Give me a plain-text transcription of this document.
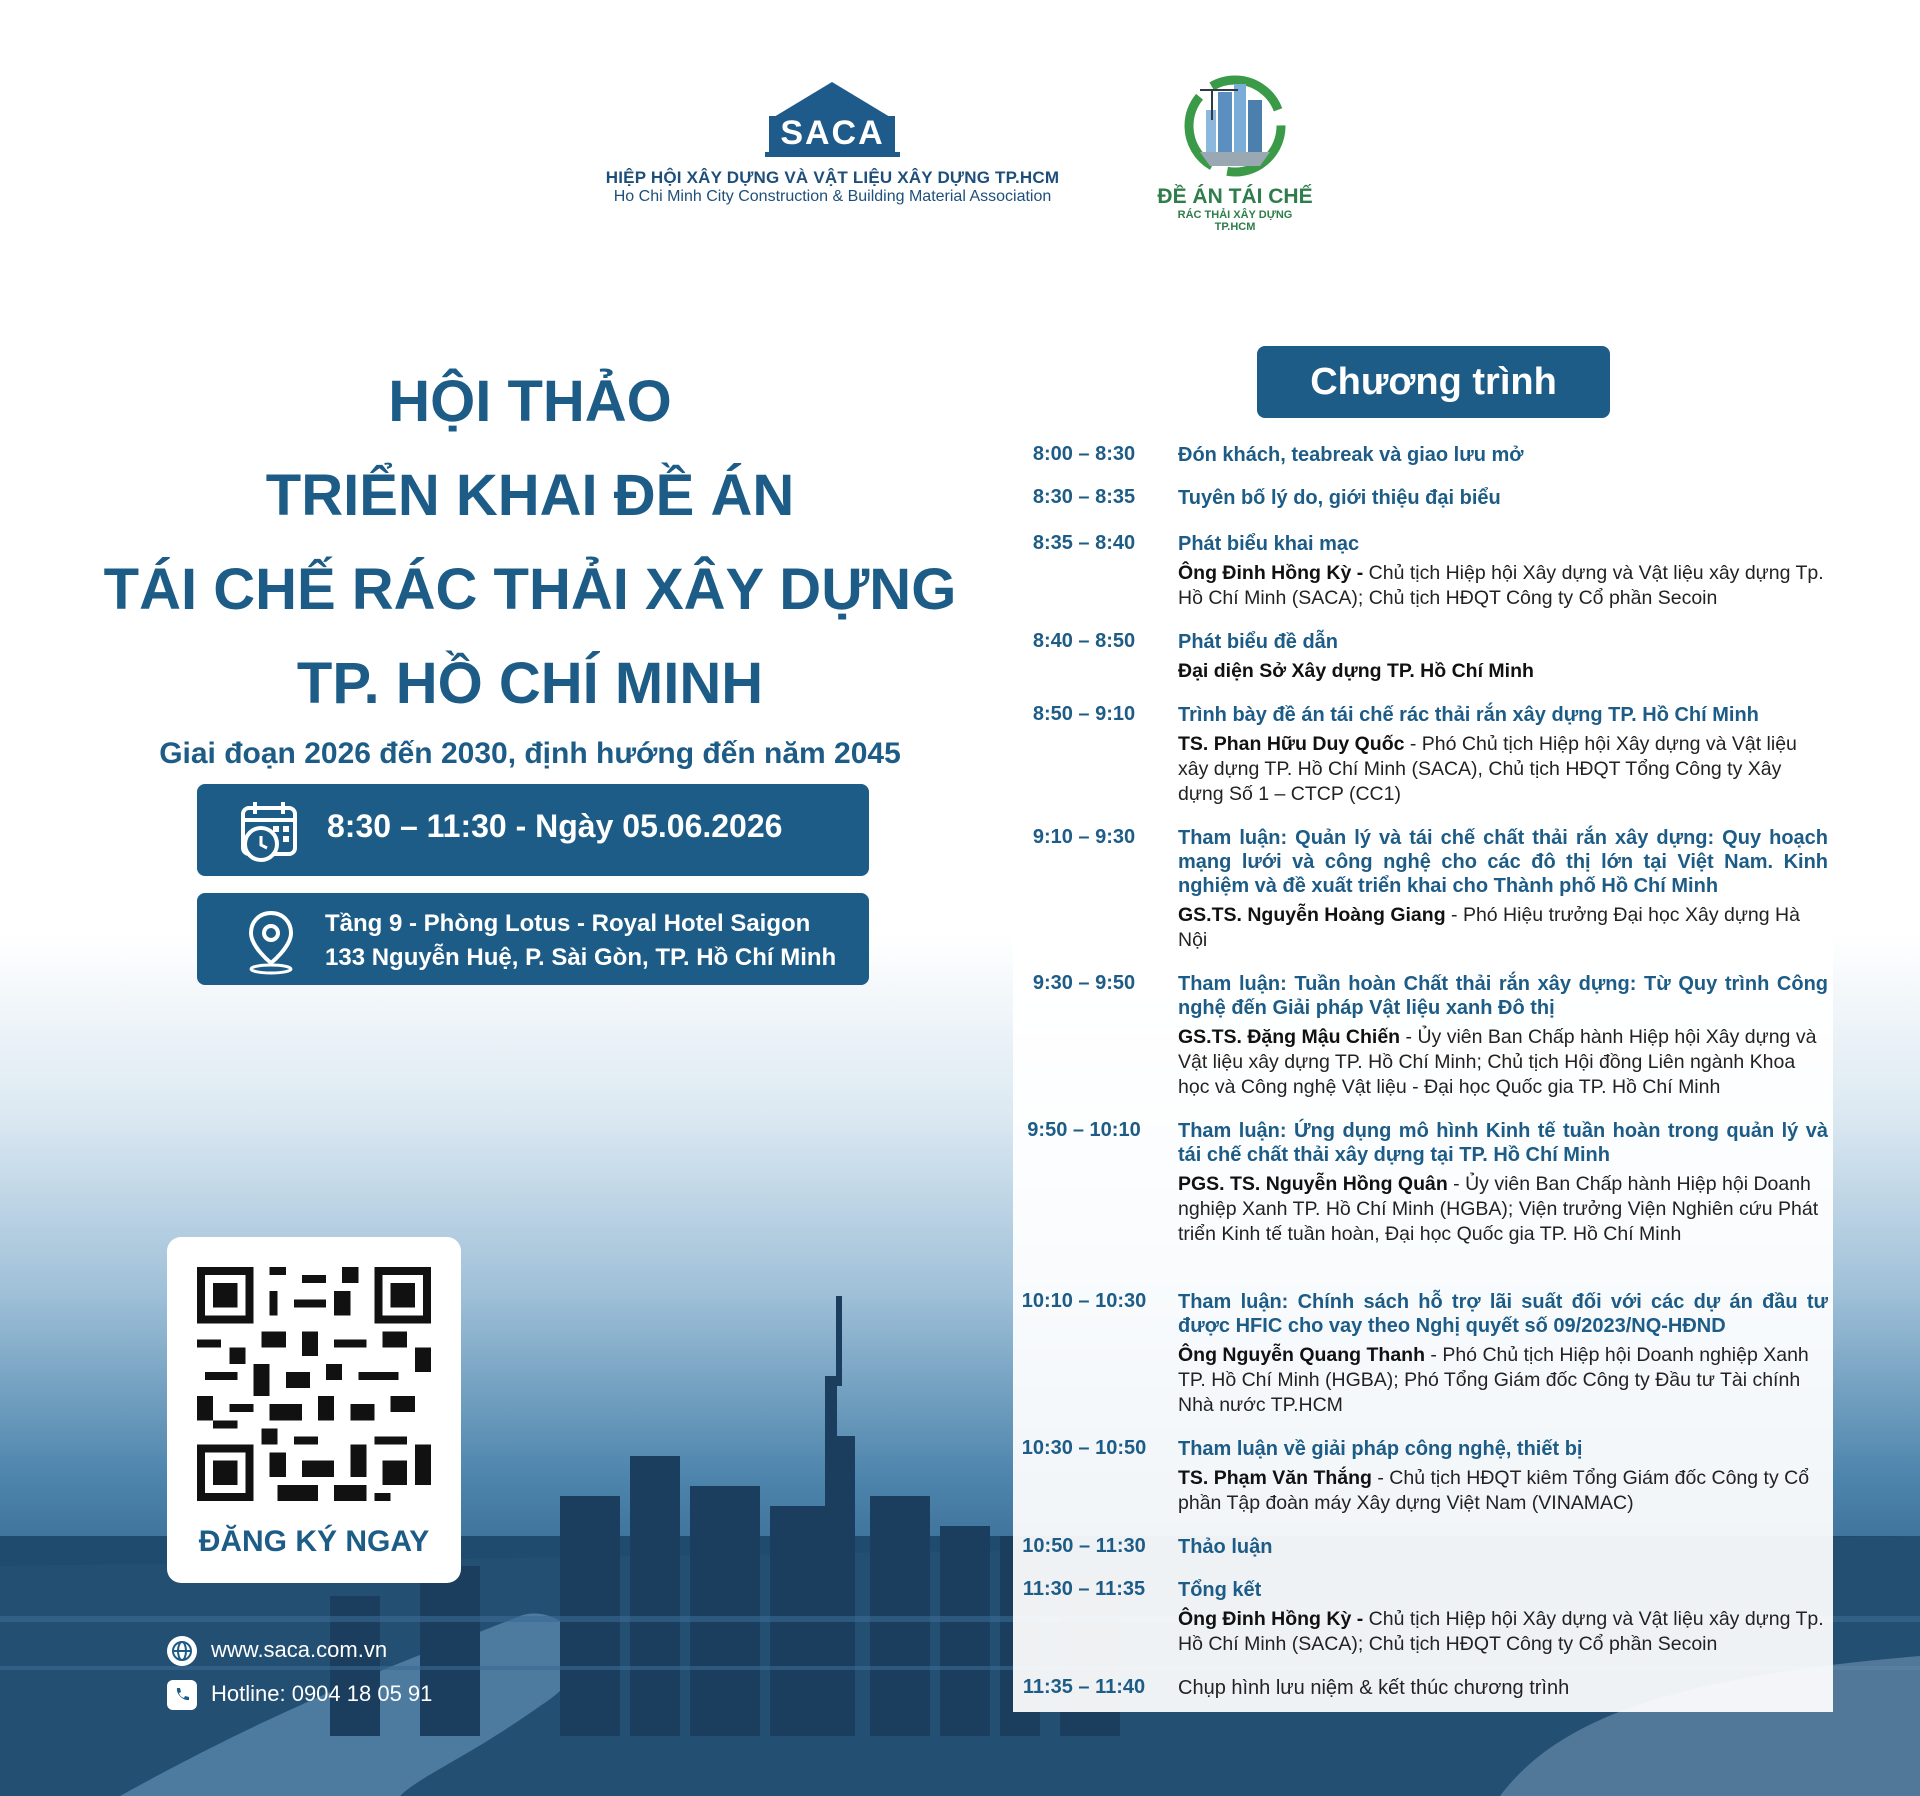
SACA
HIỆP HỘI XÂY DỰNG VÀ VẬT LIỆU XÂY DỰNG TP.HCM
Ho Chi Minh City Construction & Building Material Association	ĐỀ ÁN TÁI CHẾ
RÁC THẢI XÂY DỰNG
TP.HCM
HỘI THẢO
TRIỂN KHAI ĐỀ ÁN
TÁI CHẾ RÁC THẢI XÂY DỰNG
TP. HỒ CHÍ MINH
Giai đoạn 2026 đến 2030, định hướng đến năm 2045
8:30 – 11:30 - Ngày 05.06.2026
Tầng 9 - Phòng Lotus - Royal Hotel Saigon
133 Nguyễn Huệ, P. Sài Gòn, TP. Hồ Chí Minh
ĐĂNG KÝ NGAY
www.saca.com.vn
Hotline: 0904 18 05 91
Chương trình
8:00 – 8:30	Đón khách, teabreak và giao lưu mở
8:30 – 8:35	Tuyên bố lý do, giới thiệu đại biểu
8:35 – 8:40	Phát biểu khai mạc
Ông Đinh Hồng Kỳ - Chủ tịch Hiệp hội Xây dựng và Vật liệu xây dựng Tp. Hồ Chí Minh (SACA); Chủ tịch HĐQT Công ty Cổ phần Secoin
8:40 – 8:50	Phát biểu đề dẫn
Đại diện Sở Xây dựng TP. Hồ Chí Minh
8:50 – 9:10	Trình bày đề án tái chế rác thải rắn xây dựng TP. Hồ Chí Minh
TS. Phan Hữu Duy Quốc - Phó Chủ tịch Hiệp hội Xây dựng và Vật liệu xây dựng TP. Hồ Chí Minh (SACA), Chủ tịch HĐQT Tổng Công ty Xây dựng Số 1 – CTCP (CC1)
9:10 – 9:30	Tham luận: Quản lý và tái chế chất thải rắn xây dựng: Quy hoạch mạng lưới và công nghệ cho các đô thị lớn tại Việt Nam. Kinh nghiệm và đề xuất triển khai cho Thành phố Hồ Chí Minh
GS.TS. Nguyễn Hoàng Giang - Phó Hiệu trưởng Đại học Xây dựng Hà Nội
9:30 – 9:50	Tham luận: Tuần hoàn Chất thải rắn xây dựng: Từ Quy trình Công nghệ đến Giải pháp Vật liệu xanh Đô thị
GS.TS. Đặng Mậu Chiến - Ủy viên Ban Chấp hành Hiệp hội Xây dựng và Vật liệu xây dựng TP. Hồ Chí Minh; Chủ tịch Hội đồng Liên ngành Khoa học và Công nghệ Vật liệu - Đại học Quốc gia TP. Hồ Chí Minh
9:50 – 10:10	Tham luận: Ứng dụng mô hình Kinh tế tuần hoàn trong quản lý và tái chế chất thải xây dựng tại TP. Hồ Chí Minh
PGS. TS. Nguyễn Hồng Quân - Ủy viên Ban Chấp hành Hiệp hội Doanh nghiệp Xanh TP. Hồ Chí Minh (HGBA); Viện trưởng Viện Nghiên cứu Phát triển Kinh tế tuần hoàn, Đại học Quốc gia TP. Hồ Chí Minh
10:10 – 10:30	Tham luận: Chính sách hỗ trợ lãi suất đối với các dự án đầu tư được HFIC cho vay theo Nghị quyết số 09/2023/NQ-HĐND
Ông Nguyễn Quang Thanh - Phó Chủ tịch Hiệp hội Doanh nghiệp Xanh TP. Hồ Chí Minh (HGBA); Phó Tổng Giám đốc Công ty Đầu tư Tài chính Nhà nước TP.HCM
10:30 – 10:50	Tham luận về giải pháp công nghệ, thiết bị
TS. Phạm Văn Thắng - Chủ tịch HĐQT kiêm Tổng Giám đốc Công ty Cổ phần Tập đoàn máy Xây dựng Việt Nam (VINAMAC)
10:50 – 11:30	Thảo luận
11:30 – 11:35	Tổng kết
Ông Đinh Hồng Kỳ - Chủ tịch Hiệp hội Xây dựng và Vật liệu xây dựng Tp. Hồ Chí Minh (SACA); Chủ tịch HĐQT Công ty Cổ phần Secoin
11:35 – 11:40	Chụp hình lưu niệm & kết thúc chương trình
